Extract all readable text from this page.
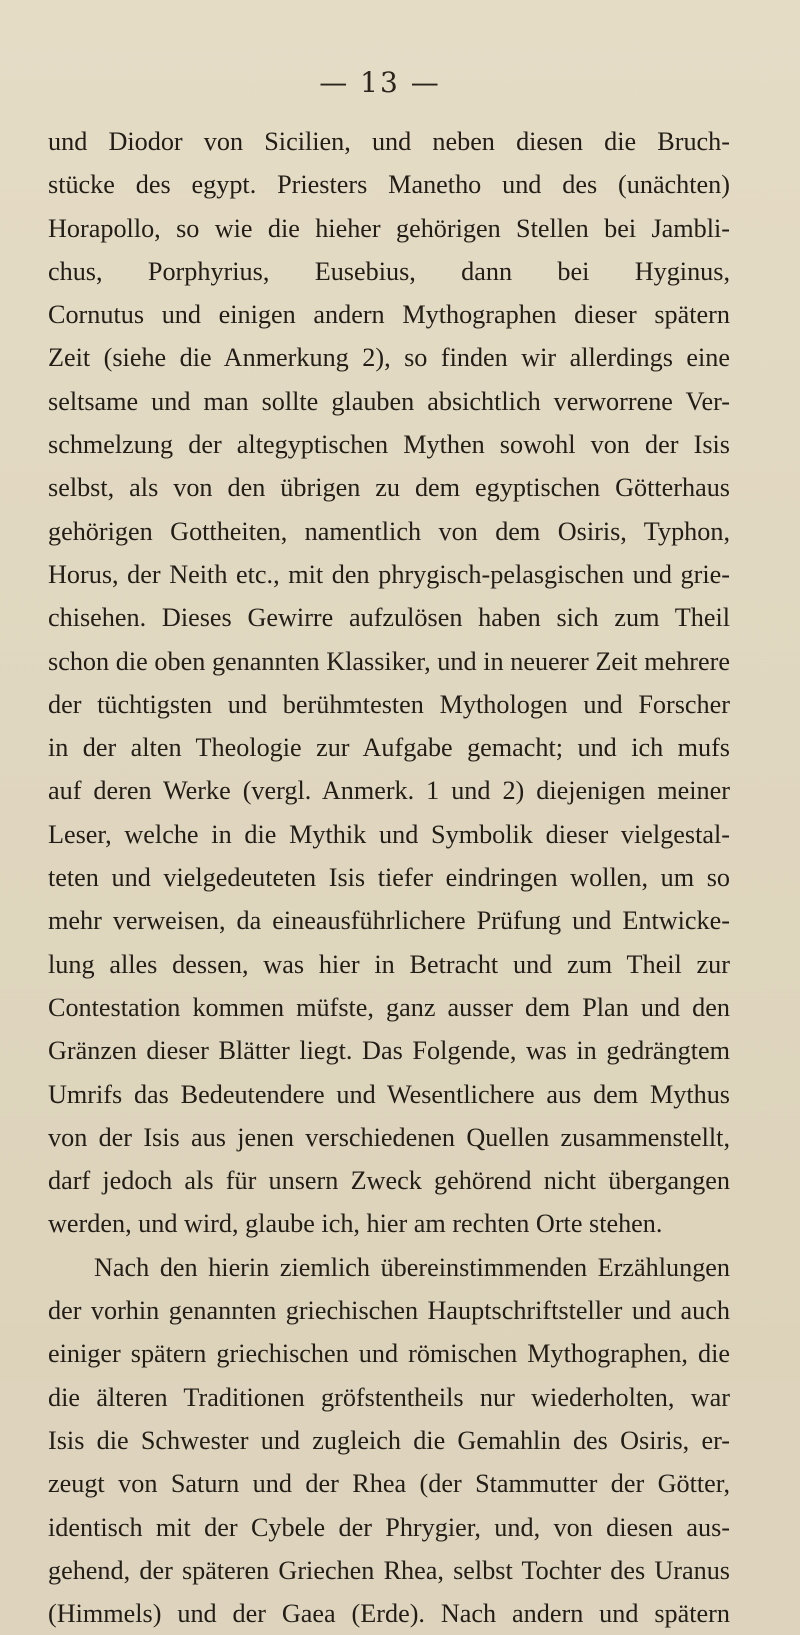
— 13 —
und Diodor von Sicilien, und neben diesen die Bruch-
stücke des egypt. Priesters Manetho und des (unächten)
Horapollo, so wie die hieher gehörigen Stellen bei Jambli-
chus, Porphyrius, Eusebius, dann bei Hyginus,
Cornutus und einigen andern Mythographen dieser spätern
Zeit (siehe die Anmerkung 2), so finden wir allerdings eine
seltsame und man sollte glauben absichtlich verworrene Ver-
schmelzung der altegyptischen Mythen sowohl von der Isis
selbst, als von den übrigen zu dem egyptischen Götterhaus
gehörigen Gottheiten, namentlich von dem Osiris, Typhon,
Horus, der Neith etc., mit den phrygisch-pelasgischen und grie-
chisehen. Dieses Gewirre aufzulösen haben sich zum Theil
schon die oben genannten Klassiker, und in neuerer Zeit mehrere
der tüchtigsten und berühmtesten Mythologen und Forscher
in der alten Theologie zur Aufgabe gemacht; und ich mufs
auf deren Werke (vergl. Anmerk. 1 und 2) diejenigen meiner
Leser, welche in die Mythik und Symbolik dieser vielgestal-
teten und vielgedeuteten Isis tiefer eindringen wollen, um so
mehr verweisen, da eineausführlichere Prüfung und Entwicke-
lung alles dessen, was hier in Betracht und zum Theil zur
Contestation kommen müfste, ganz ausser dem Plan und den
Gränzen dieser Blätter liegt. Das Folgende, was in gedrängtem
Umrifs das Bedeutendere und Wesentlichere aus dem Mythus
von der Isis aus jenen verschiedenen Quellen zusammenstellt,
darf jedoch als für unsern Zweck gehörend nicht übergangen
werden, und wird, glaube ich, hier am rechten Orte stehen.
Nach den hierin ziemlich übereinstimmenden Erzählungen
der vorhin genannten griechischen Hauptschriftsteller und auch
einiger spätern griechischen und römischen Mythographen, die
die älteren Traditionen gröfstentheils nur wiederholten, war
Isis die Schwester und zugleich die Gemahlin des Osiris, er-
zeugt von Saturn und der Rhea (der Stammutter der Götter,
identisch mit der Cybele der Phrygier, und, von diesen aus-
gehend, der späteren Griechen Rhea, selbst Tochter des Uranus
(Himmels) und der Gaea (Erde). Nach andern und spätern
